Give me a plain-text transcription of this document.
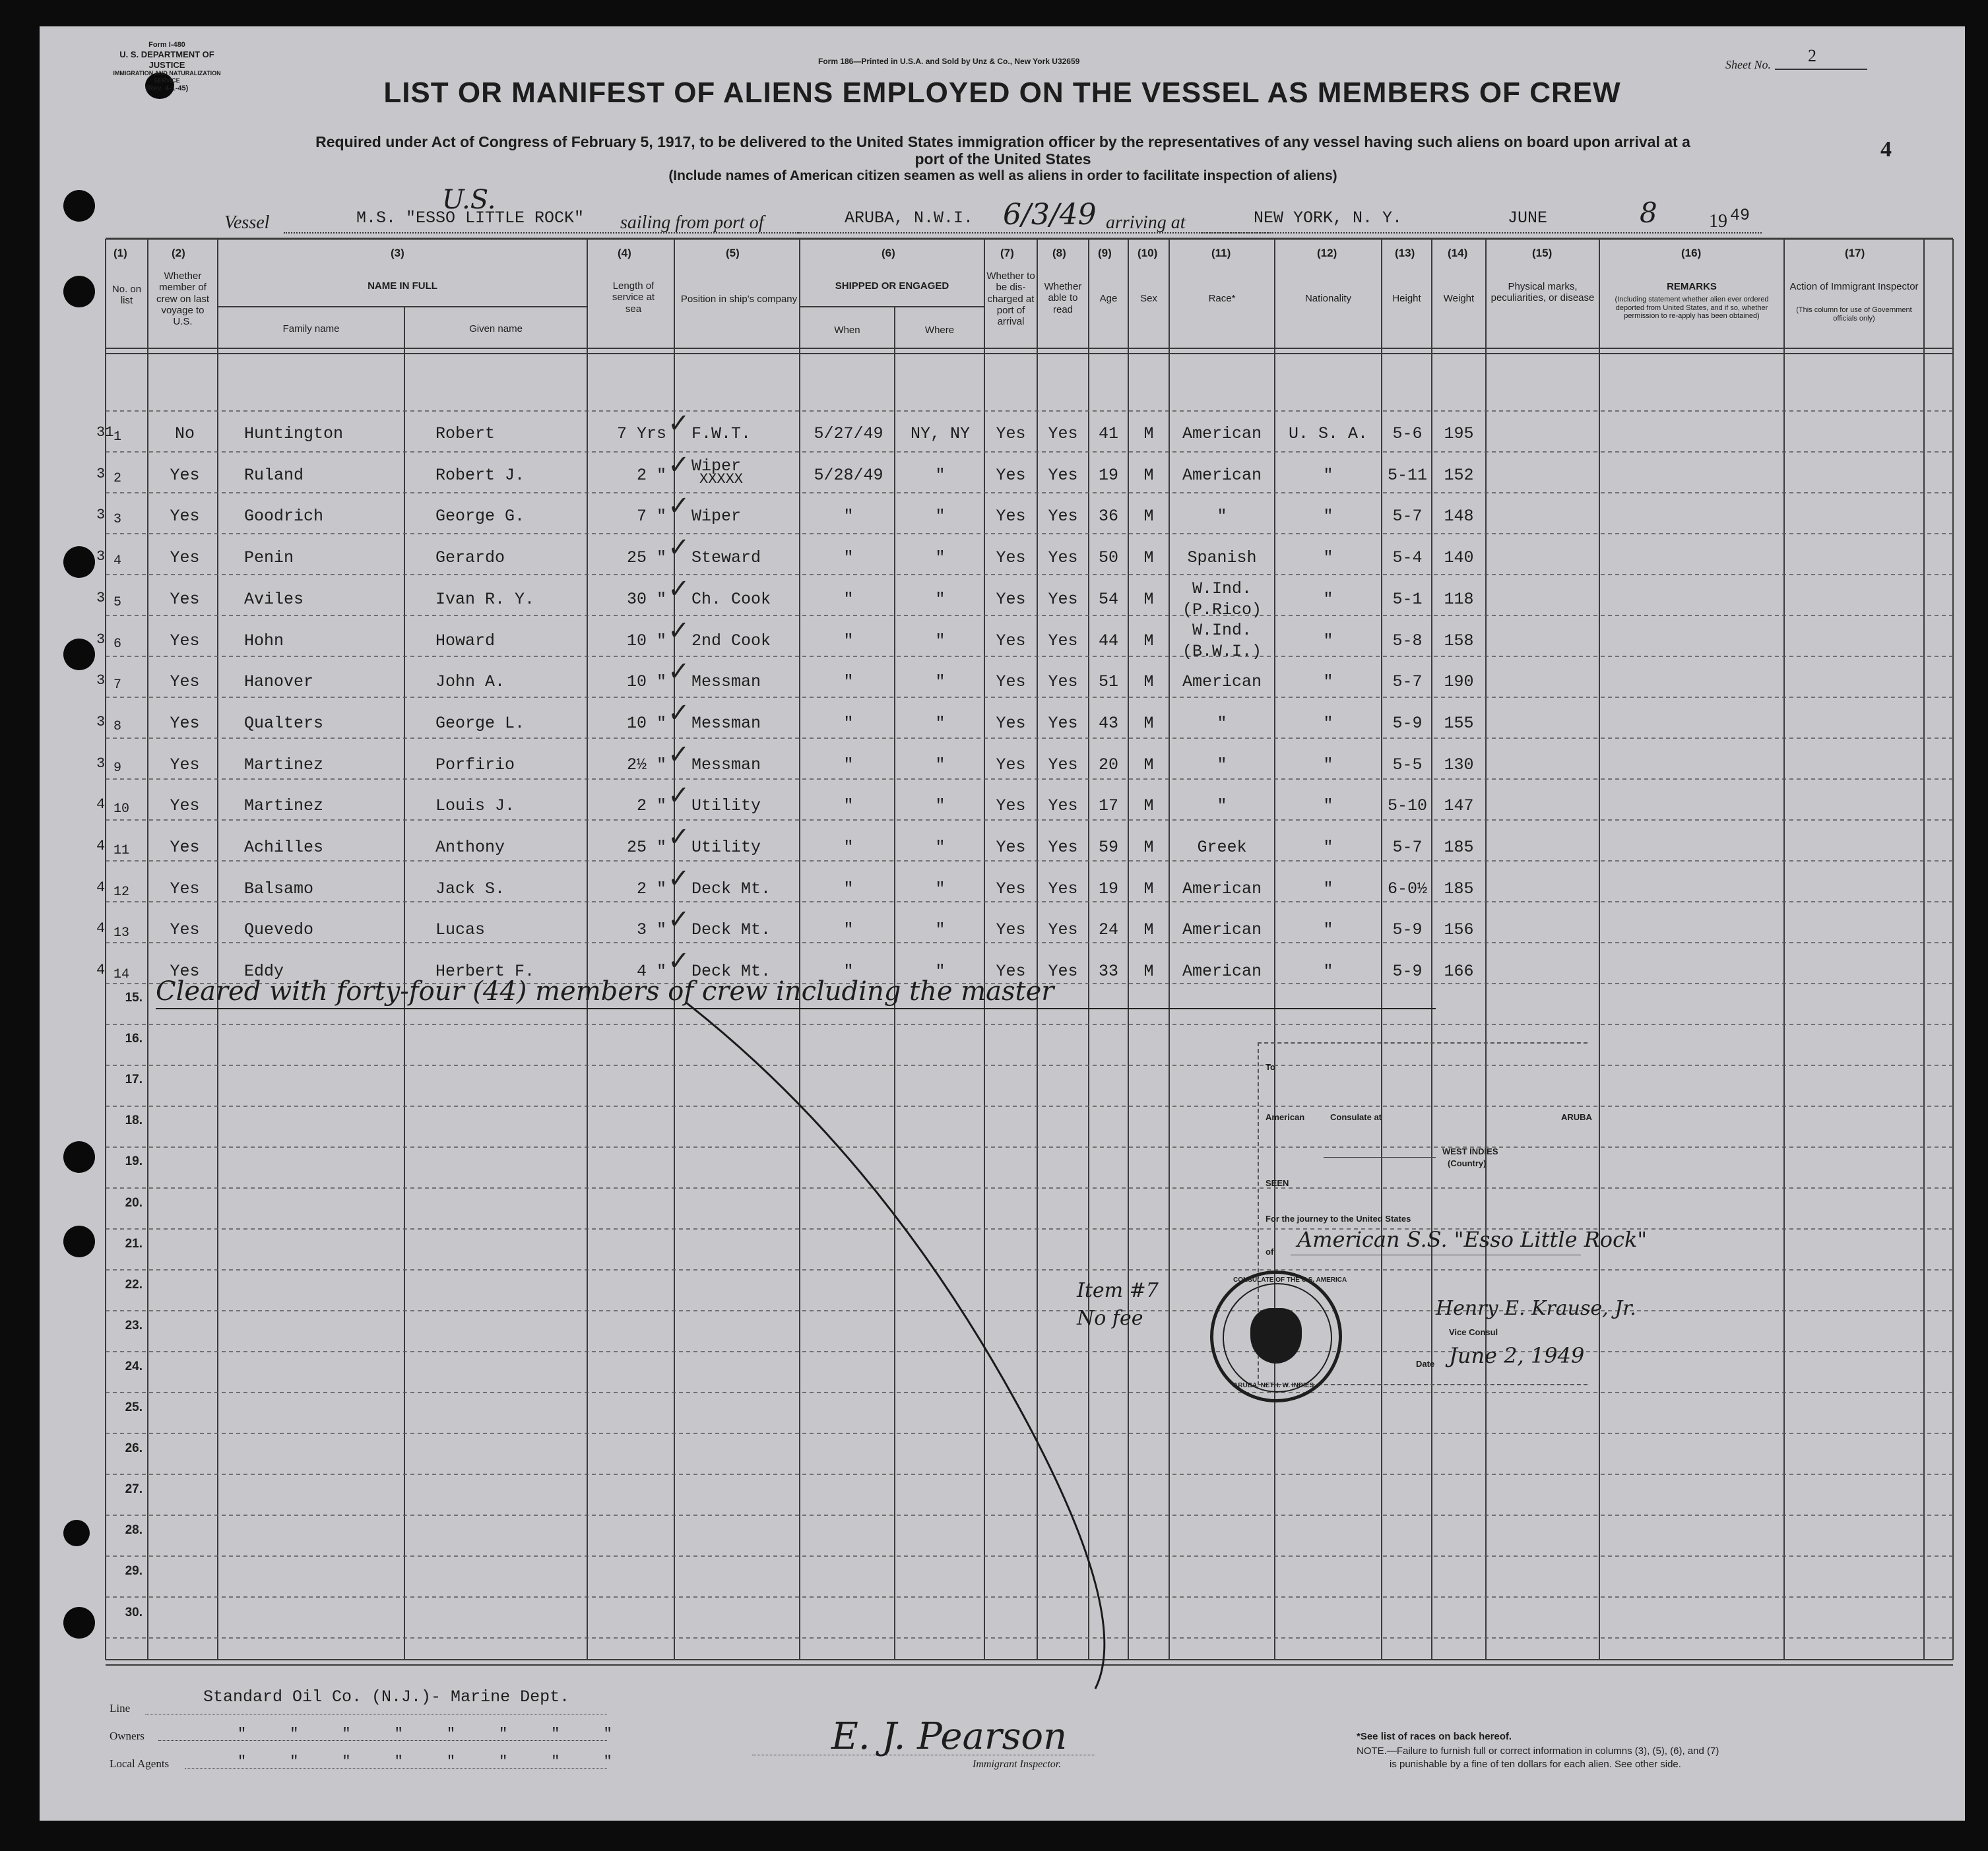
Form I-480
U. S. DEPARTMENT OF JUSTICE
IMMIGRATION AND NATURALIZATION SERVICE
(Rev. 4-1-45)
Form 186—Printed in U.S.A. and Sold by Unz & Co., New York U32659	Sheet No. 2
4
LIST OR MANIFEST OF ALIENS EMPLOYED ON THE VESSEL AS MEMBERS OF CREW
Required under Act of Congress of February 5, 1917, to be delivered to the United States immigration officer by the representatives of any vessel having such aliens on board upon arrival at a
port of the United States
(Include names of American citizen seamen as well as aliens in order to facilitate inspection of aliens)
Vessel
U.S.
M.S. "ESSO LITTLE ROCK" sailing from port of	ARUBA, N.W.I. 6/3/49 arriving at	NEW YORK, N. Y.	JUNE	8	19 49
(1)	(2)	(3)	(4)	(5)	(6)	(7)	(8)	(9) (10)	(11)	(12)	(13)	(14)	(15)	(16)	(17)
No. on list
Whether member of crew on last voyage to U.S.
NAME IN FULL
Family name	Given name
Length of service at sea
Position in ship's company
SHIPPED OR ENGAGED
When	Where
Whether to be dis-charged at port of arrival
Whether able to read
Age	Sex	Race*	Nationality	Height	Weight
Physical marks, peculiarities, or disease
REMARKS
(Including statement whether alien ever ordered deported from United States, and if so, whether permission to re-apply has been obtained)
Action of Immigrant Inspector
(This column for use of Government officials only)
31 1	No	Huntington	Robert	7 Yrs F.W.T.	5/27/49	NY, NY	Yes	Yes	41	M	American	U. S. A.	5-6	195
✓
3 2	Yes	Ruland	Robert J.	2 " Wiper
XXXXX	5/28/49	"	Yes	Yes	19	M	American	"	5-11	152
✓
3 3	Yes	Goodrich	George G.	7 " Wiper	"	"	Yes	Yes	36	M	"	"	5-7	148
✓
3 4	Yes	Penin	Gerardo	25 " Steward	"	"	Yes	Yes	50	M	Spanish	"	5-4	140
✓
3 5	Yes	Aviles	Ivan R. Y.	30 " Ch. Cook	"	"	Yes	Yes	54	M
W.Ind.
(P.Rico)
"	5-1	118
✓
3 6	Yes	Hohn	Howard	10 " 2nd Cook	"	"	Yes	Yes	44	M
W.Ind.
(B.W.I.)
"	5-8	158
✓
3 7	Yes	Hanover	John A.	10 " Messman	"	"	Yes	Yes	51	M	American	"	5-7	190
✓
3 8	Yes	Qualters	George L.	10 " Messman	"	"	Yes	Yes	43	M	"	"	5-9	155
✓
3 9	Yes	Martinez	Porfirio	2½ " Messman	"	"	Yes	Yes	20	M	"	"	5-5	130
✓
4 10	Yes	Martinez	Louis J.	2 " Utility	"	"	Yes	Yes	17	M	"	"	5-10	147
✓
4 11	Yes	Achilles	Anthony	25 " Utility	"	"	Yes	Yes	59	M	Greek	"	5-7	185
✓
4 12	Yes	Balsamo	Jack S.	2 " Deck Mt.	"	"	Yes	Yes	19	M	American	"	6-0½	185
✓
4 13	Yes	Quevedo	Lucas	3 " Deck Mt.	"	"	Yes	Yes	24	M	American	"	5-9	156
✓
4 14	Yes	Eddy	Herbert F.	4 " Deck Mt.	"	"	Yes	Yes	33	M	American	"	5-9	166
✓
15.
16.
17.
18.
19.
20.
21.
22.
23.
24.
25.
26.
27.
28.
29.
30.
Cleared with forty-four (44) members of crew including the master
To
American	Consulate at	ARUBA
WEST INDIES
(Country)
SEEN
For the journey to the United States
of American S.S. "Esso Little Rock"
Henry E. Krause, Jr.
Vice Consul
Date June 2, 1949
CONSULATE OF THE U.S. AMERICA
ARUBA, NETH. W. INDIES
Item #7
No fee
Line
Standard Oil Co. (N.J.)- Marine Dept.
Owners	"     "     "     "     "     "     "     "
Local Agents	"     "     "     "     "     "     "     "
E. J. Pearson
Immigrant Inspector.
*See list of races on back hereof.
NOTE.—Failure to furnish full or correct information in columns (3), (5), (6), and (7)
is punishable by a fine of ten dollars for each alien. See other side.
